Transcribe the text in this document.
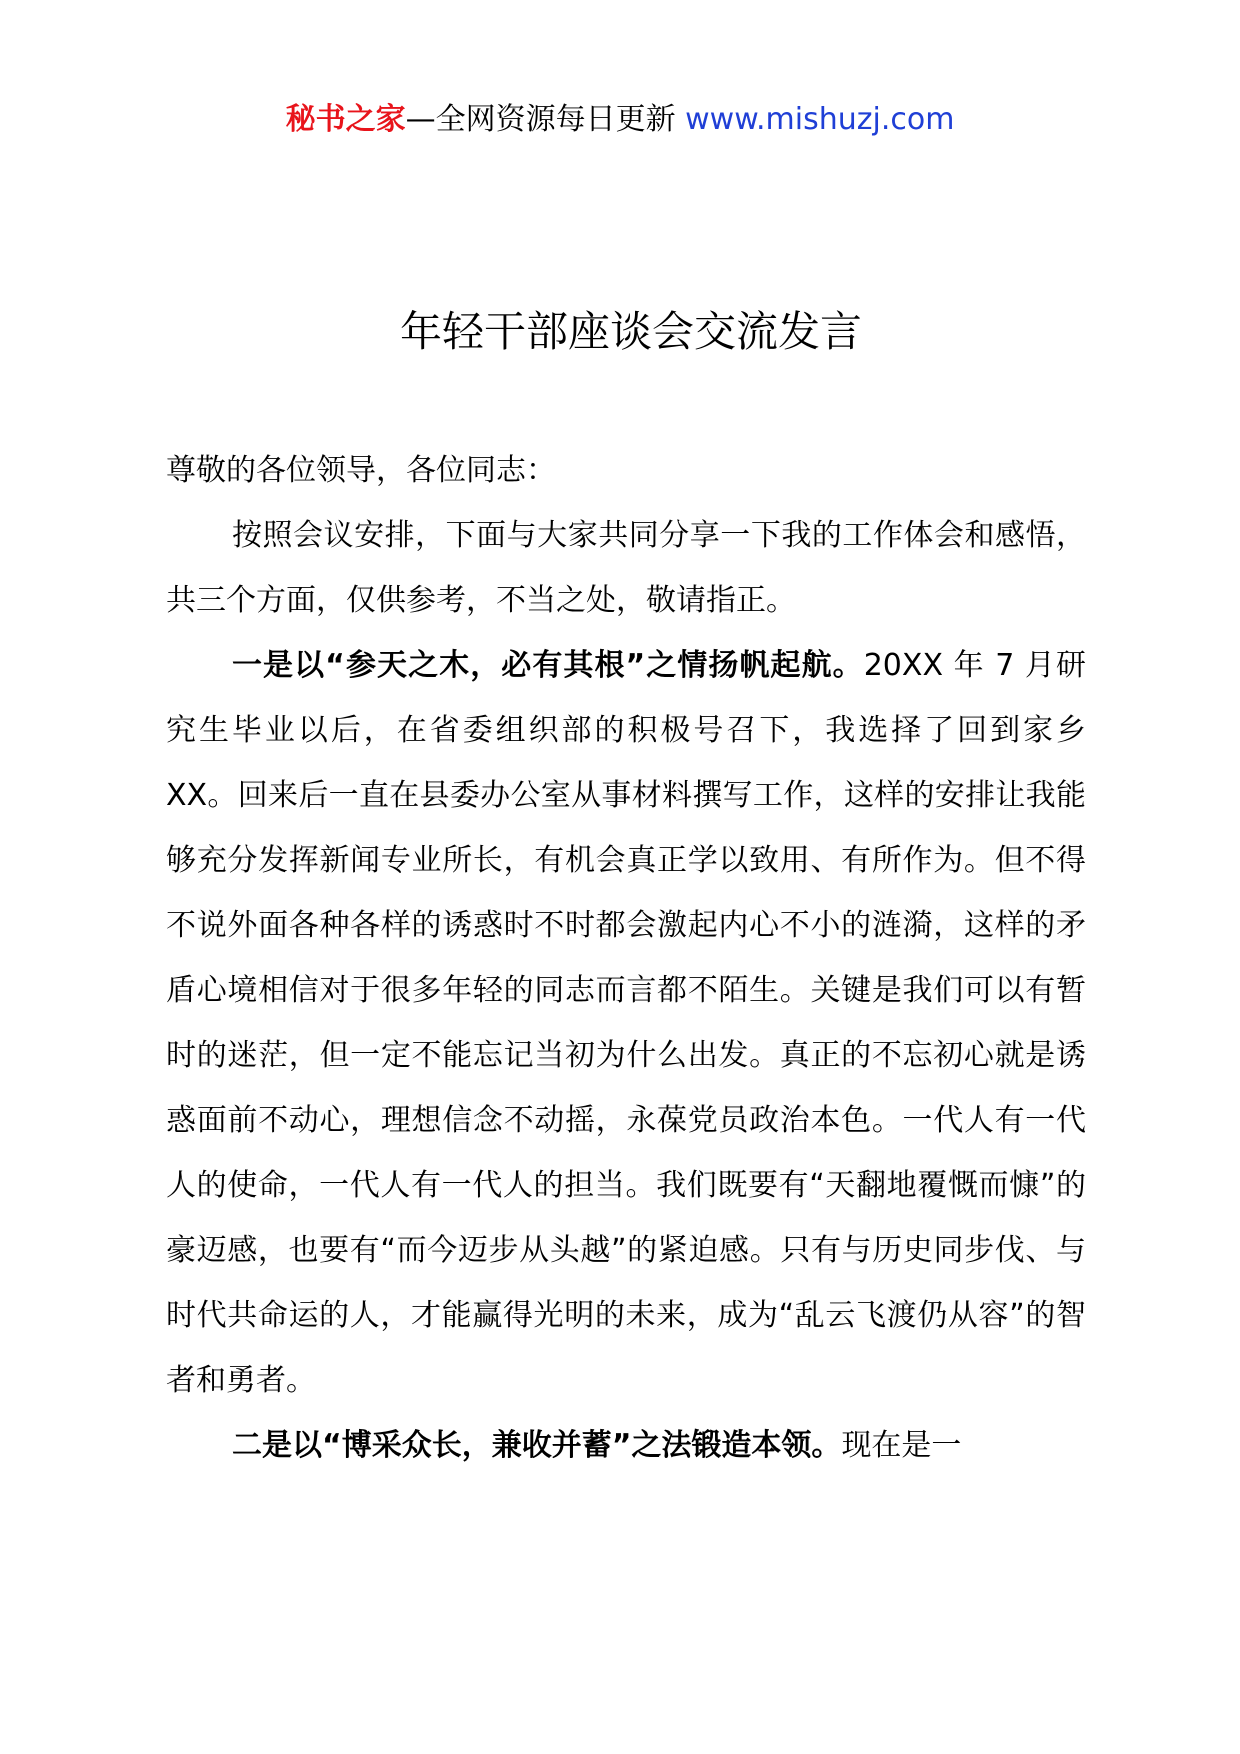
秘书之家—全网资源每日更新 www.mishuzj.com
年轻干部座谈会交流发言

尊敬的各位领导，各位同志：

按照会议安排，下面与大家共同分享一下我的工作体会和感悟，共三个方面，仅供参考，不当之处，敬请指正。

一是以“参天之木，必有其根”之情扬帆起航。20XX 年 7 月研究生毕业以后，在省委组织部的积极号召下，我选择了回到家乡 XX。回来后一直在县委办公室从事材料撰写工作，这样的安排让我能够充分发挥新闻专业所长，有机会真正学以致用、有所作为。但不得不说外面各种各样的诱惑时不时都会激起内心不小的涟漪，这样的矛盾心境相信对于很多年轻的同志而言都不陌生。关键是我们可以有暂时的迷茫，但一定不能忘记当初为什么出发。真正的不忘初心就是诱惑面前不动心，理想信念不动摇，永葆党员政治本色。一代人有一代人的使命，一代人有一代人的担当。我们既要有“天翻地覆慨而慷”的豪迈感，也要有“而今迈步从头越”的紧迫感。只有与历史同步伐、与时代共命运的人，才能赢得光明的未来，成为“乱云飞渡仍从容”的智者和勇者。

二是以“博采众长，兼收并蓄”之法锻造本领。现在是一
